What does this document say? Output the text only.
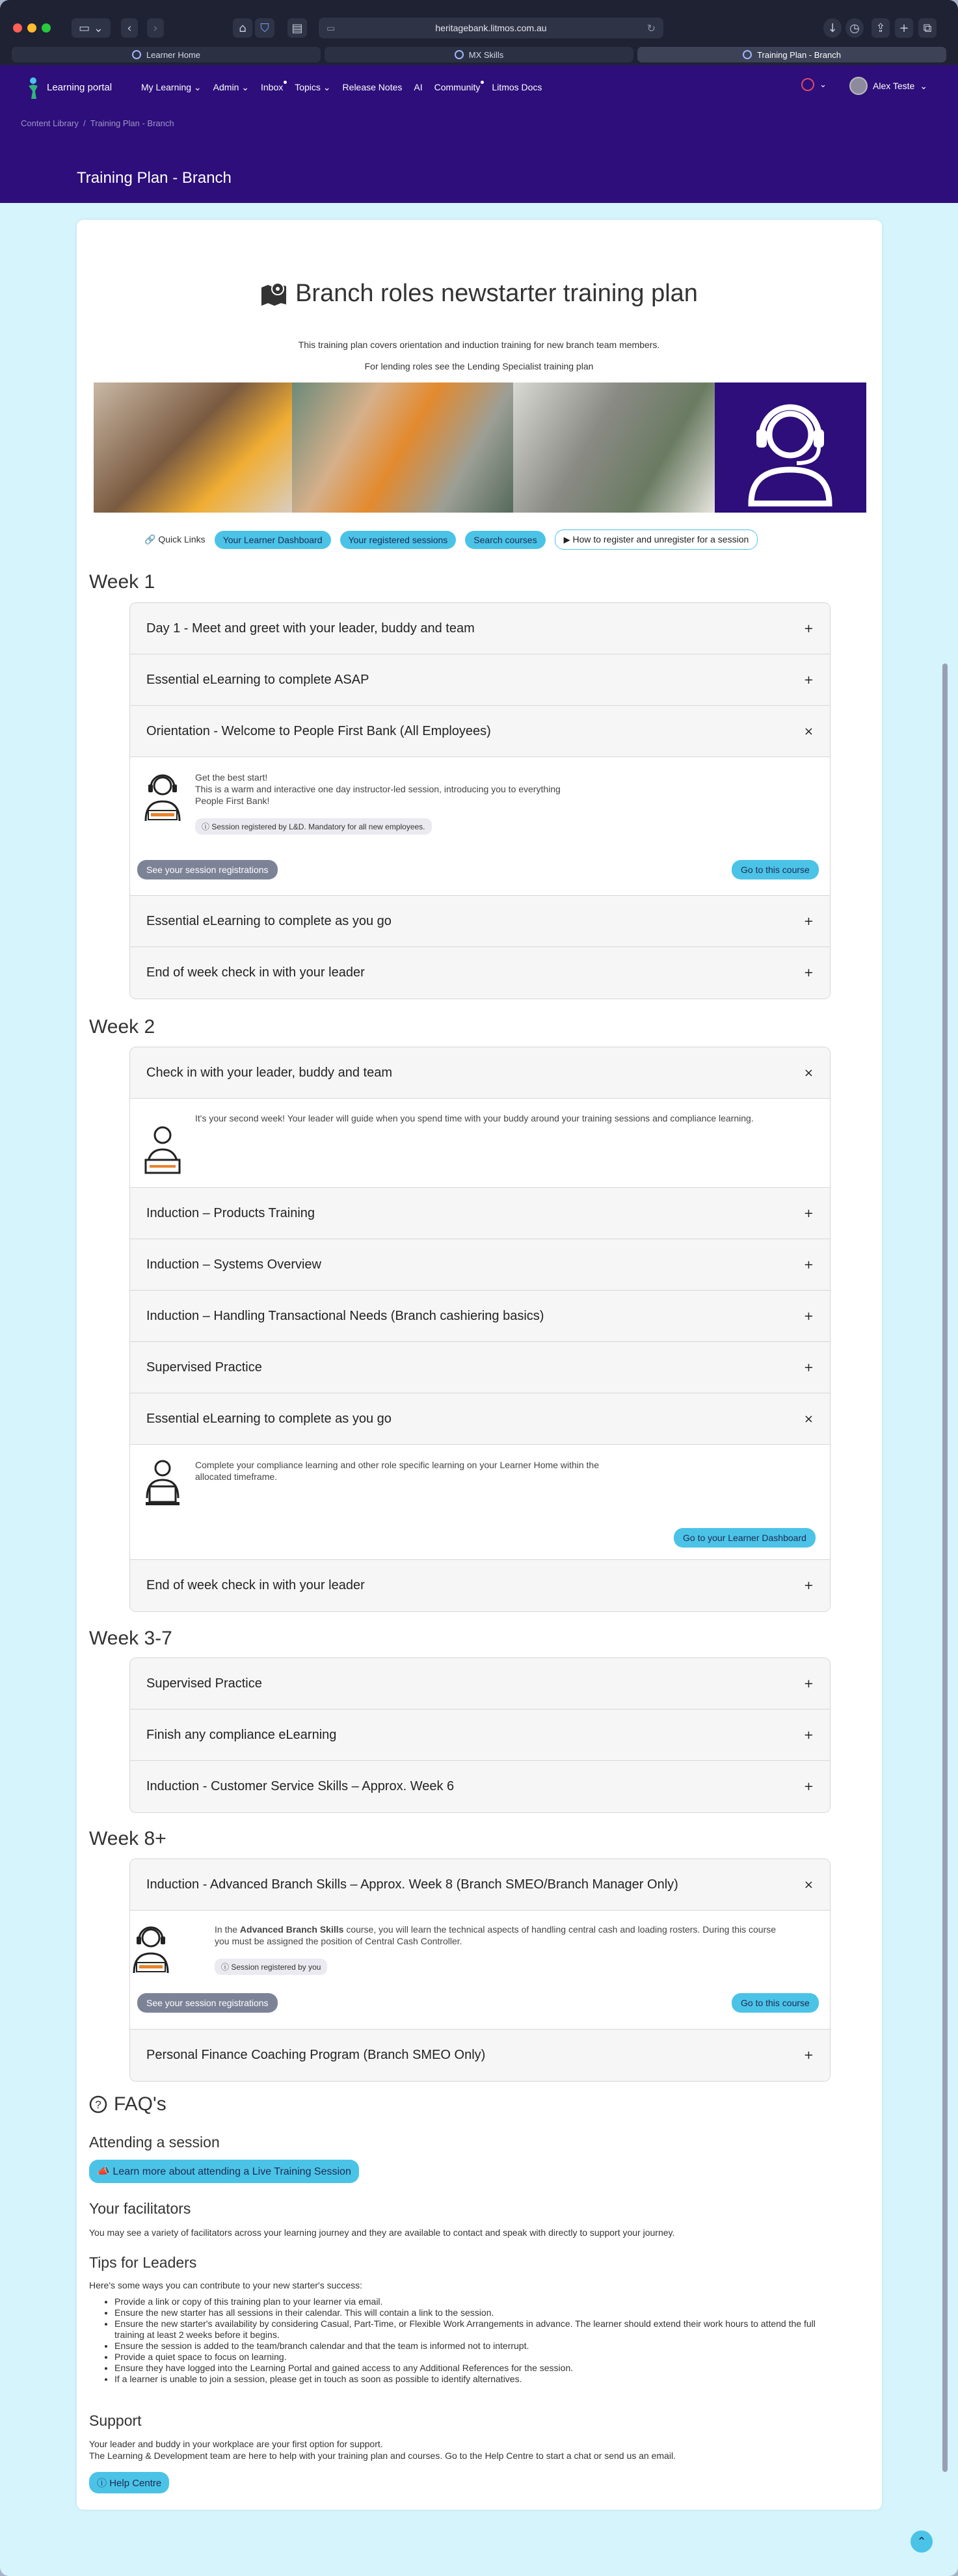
▭ ⌄	‹	›	⌂	⛉	▤	▭	heritagebank.litmos.com.au	↻	↓	◷	⇪	+	⧉
Learner Home	MX Skills	Training Plan - Branch
Learning portal	My Learning ⌄ Admin ⌄ Inbox Topics ⌄ Release Notes AI Community Litmos Docs	⌄	Alex Teste ⌄
Content Library  /  Training Plan - Branch
Training Plan - Branch
Branch roles newstarter training plan
This training plan covers orientation and induction training for new branch team members.
For lending roles see the Lending Specialist training plan
🔗 Quick Links	Your Learner Dashboard	Your registered sessions	Search courses	▶ How to register and unregister for a session
Week 1
Day 1 - Meet and greet with your leader, buddy and team	+
Essential eLearning to complete ASAP	+
Orientation - Welcome to People First Bank (All Employees)	×
Get the best start!
This is a warm and interactive one day instructor-led session, introducing you to everything
People First Bank!
ⓘ Session registered by L&D. Mandatory for all new employees.
See your session registrations	Go to this course
Essential eLearning to complete as you go	+
End of week check in with your leader	+
Week 2
Check in with your leader, buddy and team	×
It's your second week! Your leader will guide when you spend time with your buddy around your training sessions and compliance learning.
Induction – Products Training	+
Induction – Systems Overview	+
Induction – Handling Transactional Needs (Branch cashiering basics)	+
Supervised Practice	+
Essential eLearning to complete as you go	×
Complete your compliance learning and other role specific learning on your Learner Home within the
allocated timeframe.
Go to your Learner Dashboard
End of week check in with your leader	+
Week 3-7
Supervised Practice	+
Finish any compliance eLearning	+
Induction - Customer Service Skills – Approx. Week 6	+
Week 8+
Induction - Advanced Branch Skills – Approx. Week 8 (Branch SMEO/Branch Manager Only)	×
In the Advanced Branch Skills course, you will learn the technical aspects of handling central cash and loading rosters. During this course
you must be assigned the position of Central Cash Controller.
ⓘ Session registered by you
See your session registrations	Go to this course
Personal Finance Coaching Program (Branch SMEO Only)	+
? FAQ's
Attending a session
📣 Learn more about attending a Live Training Session
Your facilitators
You may see a variety of facilitators across your learning journey and they are available to contact and speak with directly to support your journey.
Tips for Leaders
Here's some ways you can contribute to your new starter's success:
• Provide a link or copy of this training plan to your learner via email.
• Ensure the new starter has all sessions in their calendar. This will contain a link to the session.
• Ensure the new starter's availability by considering Casual, Part-Time, or Flexible Work Arrangements in advance. The learner should extend their work hours to attend the full training at least 2 weeks before it begins.
• Ensure the session is added to the team/branch calendar and that the team is informed not to interrupt.
• Provide a quiet space to focus on learning.
• Ensure they have logged into the Learning Portal and gained access to any Additional References for the session.
• If a learner is unable to join a session, please get in touch as soon as possible to identify alternatives.
Support
Your leader and buddy in your workplace are your first option for support.
The Learning & Development team are here to help with your training plan and courses. Go to the Help Centre to start a chat or send us an email.
ⓘ Help Centre
⌃
